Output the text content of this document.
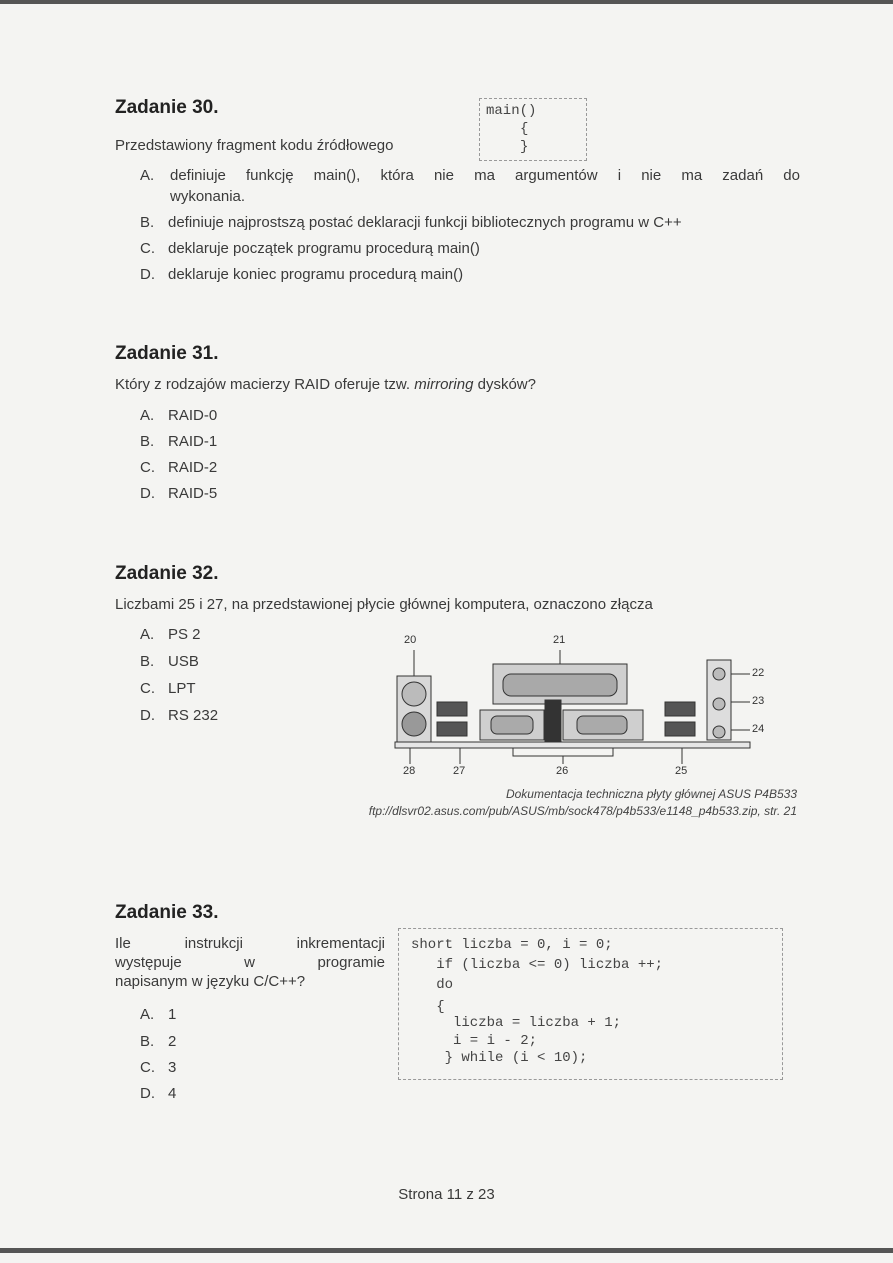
Zadanie 30.

Przedstawiony fragment kodu źródłowego

main()
{
}
A. definiuje funkcję main(), która nie ma argumentów i nie ma zadań do
wykonania.
B. definiuje najprostszą postać deklaracji funkcji bibliotecznych programu w C++
C. deklaruje początek programu procedurą main()
D. deklaruje koniec programu procedurą main()
Zadanie 31.

Który z rodzajów macierzy RAID oferuje tzw. mirroring dysków?

A. RAID-0
B. RAID-1
C. RAID-2
D. RAID-5
Zadanie 32.

Liczbami 25 i 27, na przedstawionej płycie głównej komputera, oznaczono złącza

A. PS 2
B. USB
C. LPT
D. RS 232
20	21
22
23
24
28	27	26	25
Dokumentacja techniczna płyty głównej ASUS P4B533
ftp://dlsvr02.asus.com/pub/ASUS/mb/sock478/p4b533/e1148_p4b533.zip, str. 21
Zadanie 33.
Ile instrukcji inkrementacji
występuje w programie
napisanym w języku C/C++?
A. 1
B. 2
C. 3
D. 4
short liczba = 0, i = 0;
if (liczba <= 0) liczba ++;
do
{
liczba = liczba + 1;
i = i - 2;
} while (i < 10);
Strona 11 z 23
